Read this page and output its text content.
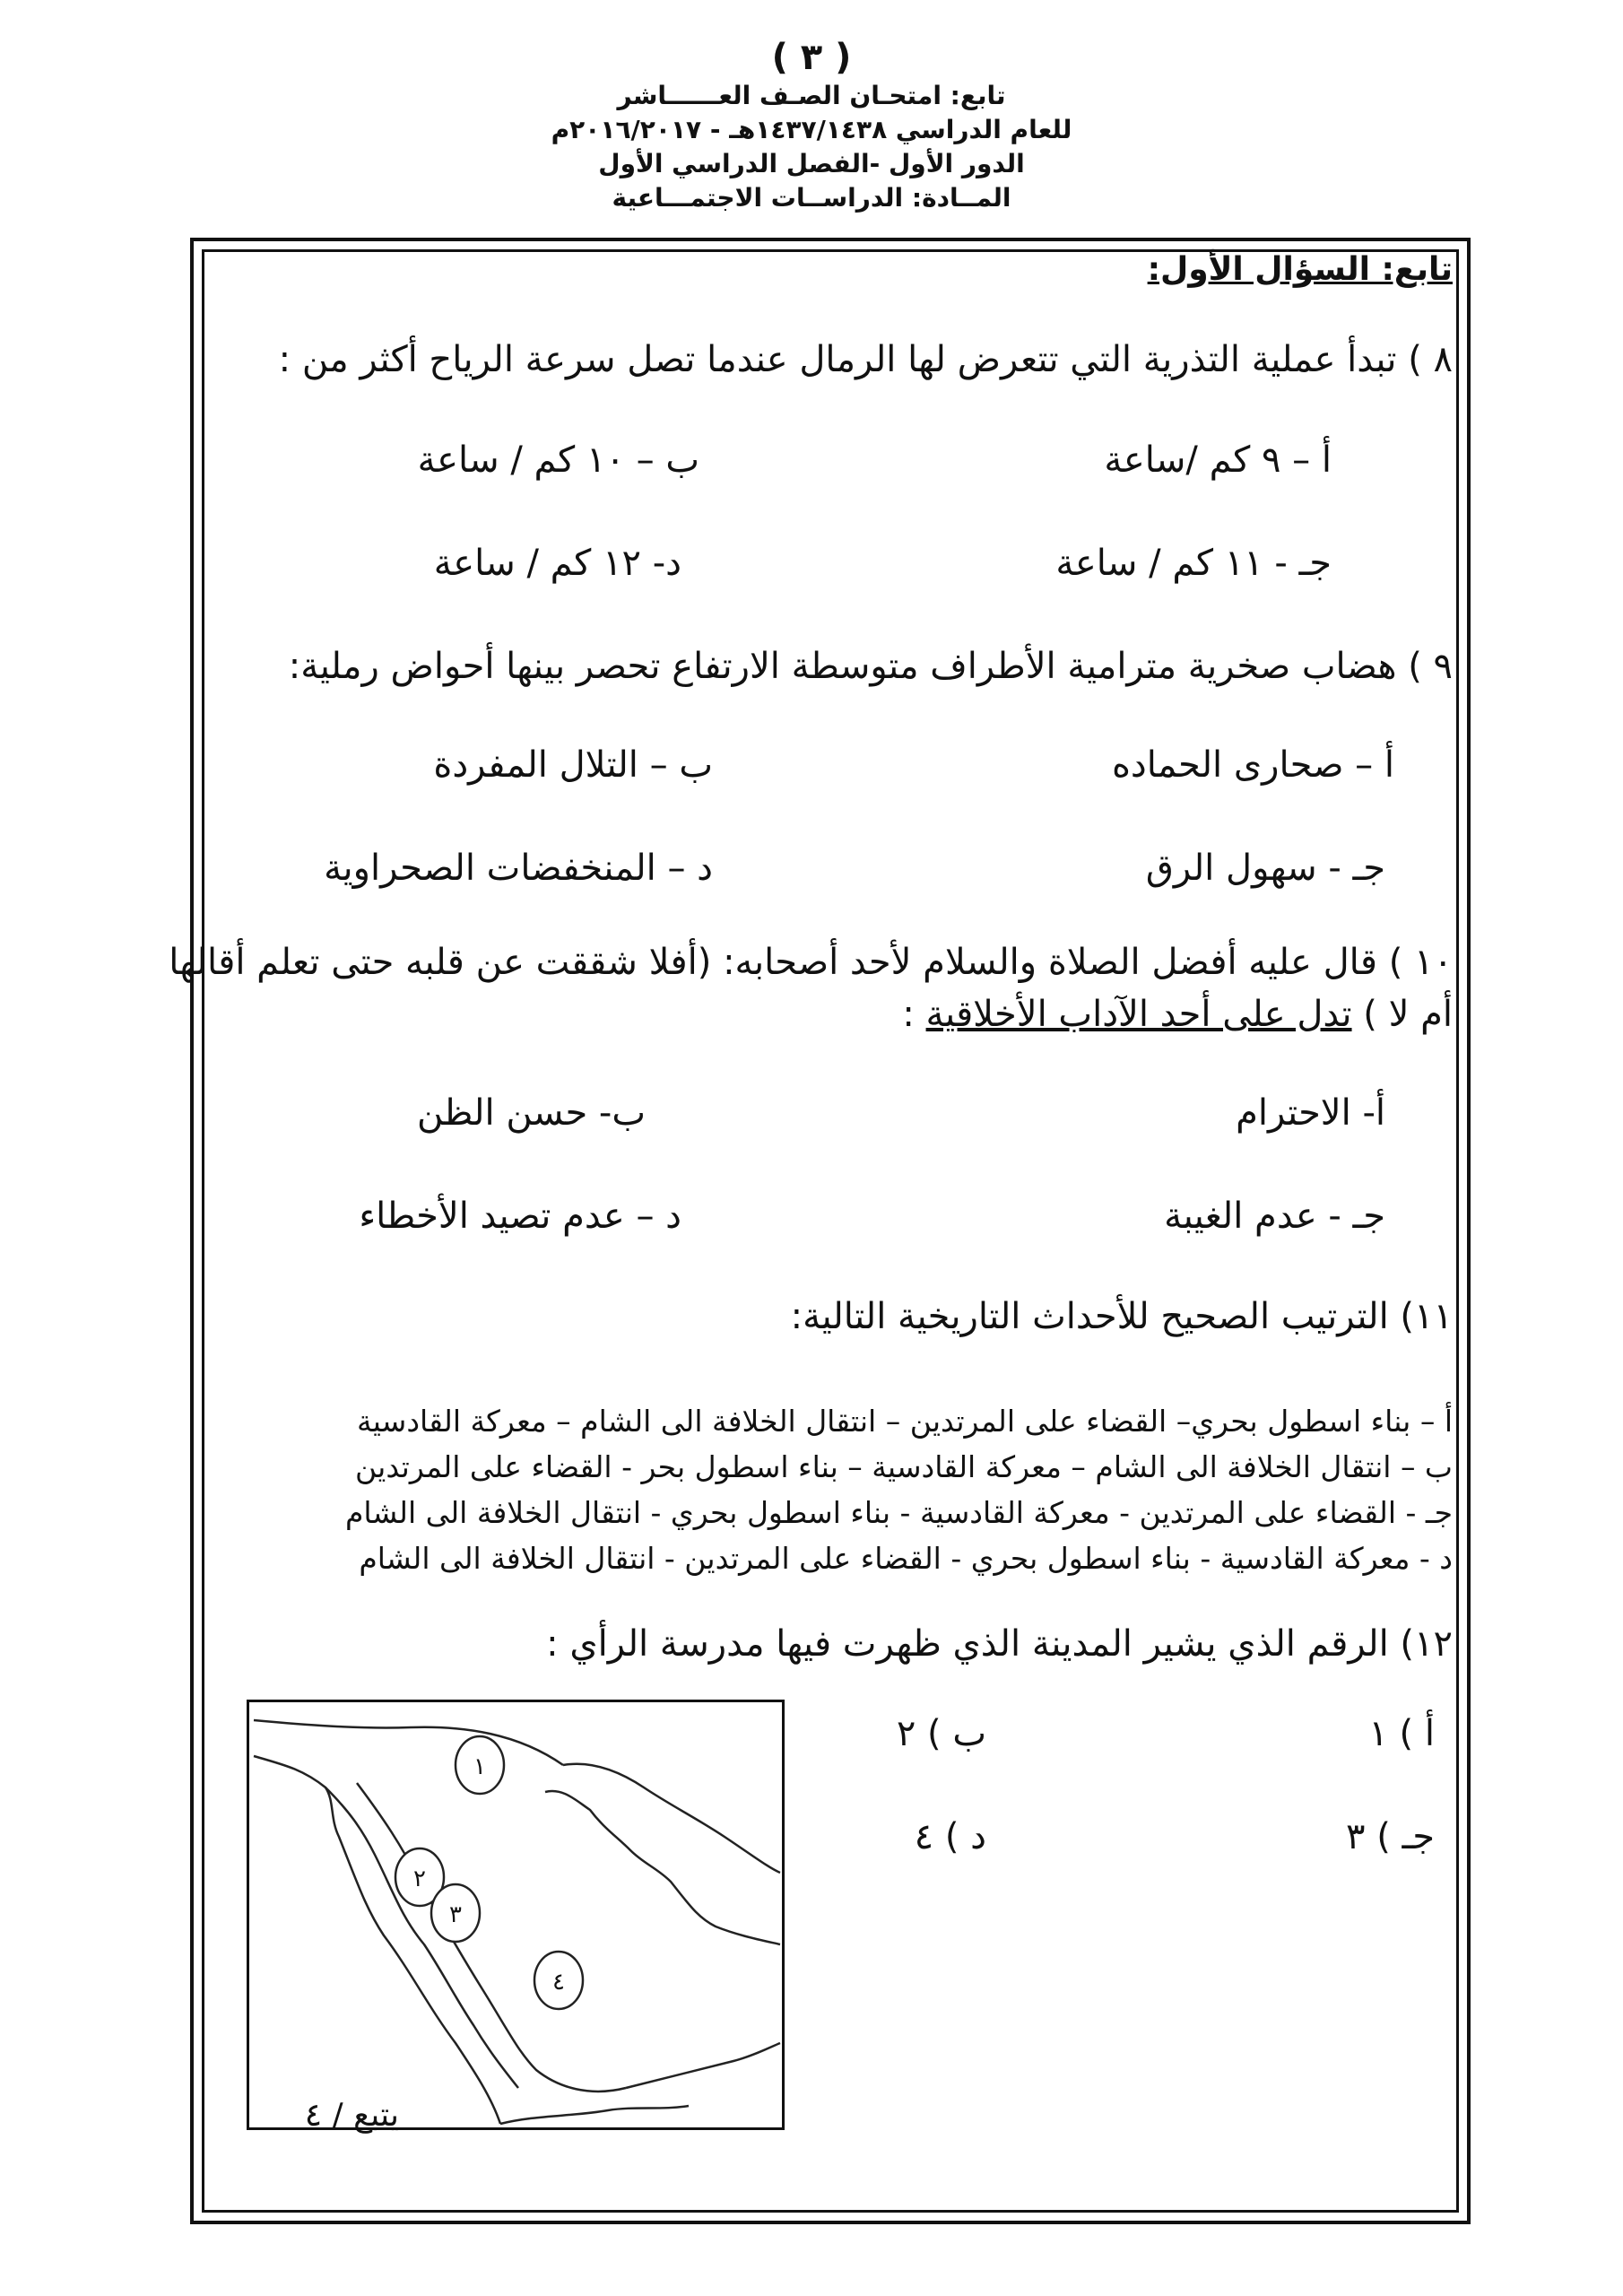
( ٣ )
تابع: امتحـان الصـف العــــــاشر
للعام الدراسي ١٤٣٧/١٤٣٨هـ - ٢٠١٦/٢٠١٧م
الدور الأول -الفصل الدراسي الأول
المــادة: الدراســات الاجتمـــاعية
تابع: السؤال الأول:
٨ ) تبدأ عملية التذرية التي تتعرض لها الرمال عندما تصل سرعة الرياح أكثر من :
أ – ٩ كم /ساعة
ب – ١٠ كم / ساعة
جـ - ١١ كم / ساعة
د- ١٢ كم / ساعة
٩ ) هضاب صخرية مترامية الأطراف متوسطة الارتفاع تحصر بينها أحواض رملية:
أ – صحارى الحماده
ب – التلال المفردة
جـ - سهول الرق
د – المنخفضات الصحراوية
١٠ ) قال عليه أفضل الصلاة والسلام لأحد أصحابه: (أفلا شققت عن قلبه حتى تعلم أقالها
أم لا ) تدل على أحد الآداب الأخلاقية :
أ- الاحترام
ب- حسن الظن
جـ - عدم الغيبة
د – عدم تصيد الأخطاء
١١) الترتيب الصحيح للأحداث التاريخية التالية:
أ – بناء اسطول بحري– القضاء على المرتدين – انتقال الخلافة الى الشام – معركة القادسية
ب – انتقال الخلافة الى الشام – معركة القادسية – بناء اسطول بحر - القضاء على المرتدين
جـ - القضاء على المرتدين - معركة القادسية - بناء اسطول بحري - انتقال الخلافة الى الشام
د - معركة القادسية - بناء اسطول بحري - القضاء على المرتدين - انتقال الخلافة الى الشام
١٢) الرقم الذي يشير المدينة الذي ظهرت فيها مدرسة الرأي :
أ ) ١
ب ) ٢
جـ ) ٣
د ) ٤
١
٢
٣
٤
يتبع / ٤
